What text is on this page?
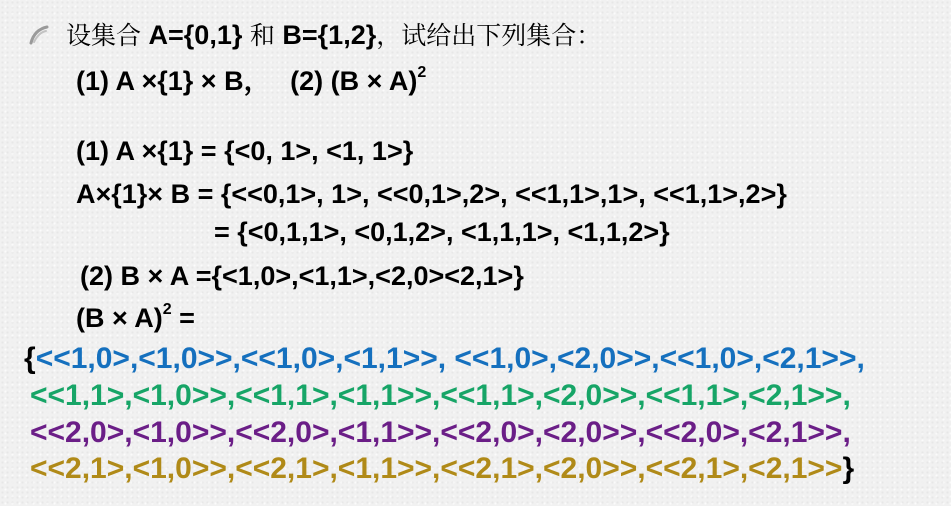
设集合 A={0,1} 和 B={1,2}，试给出下列集合：
(1) A ×{1} × B， (2) $(B \times A)^2$
(1) A ×{1} = {<0, 1>, <1, 1>}
A×{1}× B = {<<0,1>, 1>, <<0,1>,2>, <<1,1>,1>, <<1,1>,2>}
= {<0,1,1>, <0,1,2>, <1,1,1>, <1,1,2>}
(2) B × A ={<1,0>,<1,1>,<2,0><2,1>}
$(B \times A)^2$ =
{<<1,0>,<1,0>>,<<1,0>,<1,1>>, <<1,0>,<2,0>>,<<1,0>,<2,1>>,
<<1,1>,<1,0>>,<<1,1>,<1,1>>,<<1,1>,<2,0>>,<<1,1>,<2,1>>,
<<2,0>,<1,0>>,<<2,0>,<1,1>>,<<2,0>,<2,0>>,<<2,0>,<2,1>>,
<<2,1>,<1,0>>,<<2,1>,<1,1>>,<<2,1>,<2,0>>,<<2,1>,<2,1>>}
